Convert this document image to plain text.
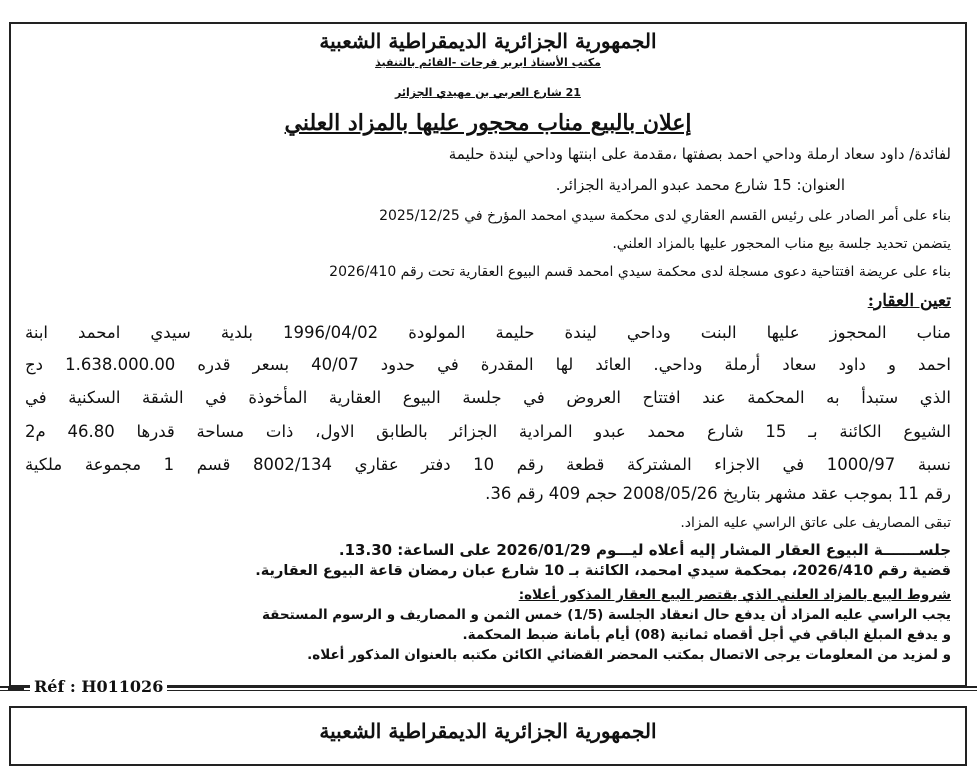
الجمهورية الجزائرية الديمقراطية الشعبية
مكتب الأستاذ ابرير فرحات -القائم بالتنفيذ
21 شارع العربي بن مهيدي الجزائر
إعلان بالبيع مناب محجور عليها بالمزاد العلني
لفائدة/ داود سعاد ارملة وداحي احمد بصفتها ،مقدمة على ابنتها وداحي ليندة حليمة
العنوان: 15 شارع محمد عبدو المرادية الجزائر.
بناء على أمر الصادر على رئيس القسم العقاري لدى محكمة سيدي امحمد المؤرخ في 2025/12/25
يتضمن تحديد جلسة بيع مناب المحجور عليها بالمزاد العلني.
بناء على عريضة افتتاحية دعوى مسجلة لدى محكمة سيدي امحمد قسم البيوع العقارية تحت رقم 2026/410
تعين العقار:
مناب المحجوز عليها البنت وداحي ليندة حليمة المولودة 1996/04/02 بلدية سيدي امحمد ابنة
احمد و داود سعاد أرملة وداحي. العائد لها المقدرة في حدود 40/07 بسعر قدره 1.638.000.00 دج
الذي ستبدأ به المحكمة عند افتتاح العروض في جلسة البيوع العقارية المأخوذة في الشقة السكنية في
الشيوع الكائنة بـ 15 شارع محمد عبدو المرادية الجزائر بالطابق الاول، ذات مساحة قدرها 46.80 م2
نسبة 1000/97 في الاجزاء المشتركة قطعة رقم 10 دفتر عقاري 8002/134 قسم 1 مجموعة ملكية
رقم 11 بموجب عقد مشهر بتاريخ 2008/05/26 حجم 409 رقم 36.
تبقى المصاريف على عاتق الراسي عليه المزاد.
جلســـــــة البيوع العقار المشار إليه أعلاه ليـــوم 2026/01/29 على الساعة: 13.30.
قضية رقم 2026/410، بمحكمة سيدي امحمد، الكائنة بـ 10 شارع عبان رمضان قاعة البيوع العقارية.
شروط البيع بالمزاد العلني الذي يقتصر البيع العقار المذكور أعلاه:
يجب الراسي عليه المزاد أن يدفع حال انعقاد الجلسة (1/5) خمس الثمن و المصاريف و الرسوم المستحقة
و يدفع المبلغ الباقي في أجل أقصاه ثمانية (08) أيام بأمانة ضبط المحكمة.
و لمزيد من المعلومات يرجى الاتصال بمكتب المحضر القضائي الكائن مكتبه بالعنوان المذكور أعلاه.
Réf : H011026
الجمهورية الجزائرية الديمقراطية الشعبية
